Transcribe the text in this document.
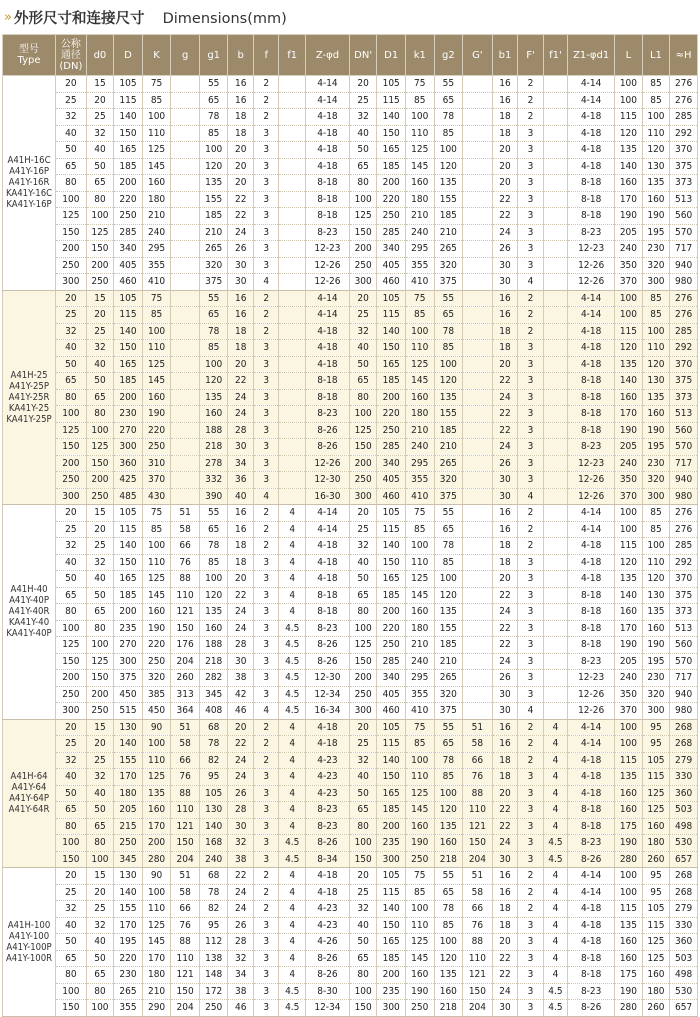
» 外形尺寸和连接尺寸 Dimensions(mm)
型号
Type	公称
通径
(DN)	d0	D	K	g	g1	b	f	f1	Z-φd	DN'	D1	k1	g2	G'	b1	F'	f1'	Z1-φd1	L	L1	≈H

A41H-16C
A41Y-16P
A41Y-16R
KA41Y-16C
KA41Y-16P	20	15	105	75		55	16	2		4-14	20	105	75	55		16	2		4-14	100	85	276
	25	20	115	85		65	16	2		4-14	25	115	85	65		16	2		4-14	100	85	276
	32	25	140	100		78	18	2		4-18	32	140	100	78		18	2		4-18	115	100	285
	40	32	150	110		85	18	3		4-18	40	150	110	85		18	3		4-18	120	110	292
	50	40	165	125		100	20	3		4-18	50	165	125	100		20	3		4-18	135	120	370
	65	50	185	145		120	20	3		4-18	65	185	145	120		20	3		4-18	140	130	375
	80	65	200	160		135	20	3		8-18	80	200	160	135		20	3		8-18	160	135	373
	100	80	220	180		155	22	3		8-18	100	220	180	155		22	3		8-18	170	160	513
	125	100	250	210		185	22	3		8-18	125	250	210	185		22	3		8-18	190	190	560
	150	125	285	240		210	24	3		8-23	150	285	240	210		24	3		8-23	205	195	570
	200	150	340	295		265	26	3		12-23	200	340	295	265		26	3		12-23	240	230	717
	250	200	405	355		320	30	3		12-26	250	405	355	320		30	3		12-26	350	320	940
	300	250	460	410		375	30	4		12-26	300	460	410	375		30	4		12-26	370	300	980

A41H-25
A41Y-25P
A41Y-25R
KA41Y-25
KA41Y-25P	20	15	105	75		55	16	2		4-14	20	105	75	55		16	2		4-14	100	85	276
	25	20	115	85		65	16	2		4-14	25	115	85	65		16	2		4-14	100	85	276
	32	25	140	100		78	18	2		4-18	32	140	100	78		18	2		4-18	115	100	285
	40	32	150	110		85	18	3		4-18	40	150	110	85		18	3		4-18	120	110	292
	50	40	165	125		100	20	3		4-18	50	165	125	100		20	3		4-18	135	120	370
	65	50	185	145		120	22	3		8-18	65	185	145	120		22	3		8-18	140	130	375
	80	65	200	160		135	24	3		8-18	80	200	160	135		24	3		8-18	160	135	373
	100	80	230	190		160	24	3		8-23	100	220	180	155		22	3		8-18	170	160	513
	125	100	270	220		188	28	3		8-26	125	250	210	185		22	3		8-18	190	190	560
	150	125	300	250		218	30	3		8-26	150	285	240	210		24	3		8-23	205	195	570
	200	150	360	310		278	34	3		12-26	200	340	295	265		26	3		12-23	240	230	717
	250	200	425	370		332	36	3		12-30	250	405	355	320		30	3		12-26	350	320	940
	300	250	485	430		390	40	4		16-30	300	460	410	375		30	4		12-26	370	300	980

A41H-40
A41Y-40P
A41Y-40R
KA41Y-40
KA41Y-40P	20	15	105	75	51	55	16	2	4	4-14	20	105	75	55		16	2		4-14	100	85	276
	25	20	115	85	58	65	16	2	4	4-14	25	115	85	65		16	2		4-14	100	85	276
	32	25	140	100	66	78	18	2	4	4-18	32	140	100	78		18	2		4-18	115	100	285
	40	32	150	110	76	85	18	3	4	4-18	40	150	110	85		18	3		4-18	120	110	292
	50	40	165	125	88	100	20	3	4	4-18	50	165	125	100		20	3		4-18	135	120	370
	65	50	185	145	110	120	22	3	4	8-18	65	185	145	120		22	3		8-18	140	130	375
	80	65	200	160	121	135	24	3	4	8-18	80	200	160	135		24	3		8-18	160	135	373
	100	80	235	190	150	160	24	3	4.5	8-23	100	220	180	155		22	3		8-18	170	160	513
	125	100	270	220	176	188	28	3	4.5	8-26	125	250	210	185		22	3		8-18	190	190	560
	150	125	300	250	204	218	30	3	4.5	8-26	150	285	240	210		24	3		8-23	205	195	570
	200	150	375	320	260	282	38	3	4.5	12-30	200	340	295	265		26	3		12-23	240	230	717
	250	200	450	385	313	345	42	3	4.5	12-34	250	405	355	320		30	3		12-26	350	320	940
	300	250	515	450	364	408	46	4	4.5	16-34	300	460	410	375		30	4		12-26	370	300	980

A41H-64
A41Y-64
A41Y-64P
A41Y-64R	20	15	130	90	51	68	20	2	4	4-18	20	105	75	55	51	16	2	4	4-14	100	95	268
	25	20	140	100	58	78	22	2	4	4-18	25	115	85	65	58	16	2	4	4-14	100	95	268
	32	25	155	110	66	82	24	2	4	4-23	32	140	100	78	66	18	2	4	4-18	115	105	279
	40	32	170	125	76	95	24	3	4	4-23	40	150	110	85	76	18	3	4	4-18	135	115	330
	50	40	180	135	88	105	26	3	4	4-23	50	165	125	100	88	20	3	4	4-18	160	125	360
	65	50	205	160	110	130	28	3	4	8-23	65	185	145	120	110	22	3	4	8-18	160	125	503
	80	65	215	170	121	140	30	3	4	8-23	80	200	160	135	121	22	3	4	8-18	175	160	498
	100	80	250	200	150	168	32	3	4.5	8-26	100	235	190	160	150	24	3	4.5	8-23	190	180	530
	150	100	345	280	204	240	38	3	4.5	8-34	150	300	250	218	204	30	3	4.5	8-26	280	260	657

A41H-100
A41Y-100
A41Y-100P
A41Y-100R	20	15	130	90	51	68	22	2	4	4-18	20	105	75	55	51	16	2	4	4-14	100	95	268
	25	20	140	100	58	78	24	2	4	4-18	25	115	85	65	58	16	2	4	4-14	100	95	268
	32	25	155	110	66	82	24	2	4	4-23	32	140	100	78	66	18	2	4	4-18	115	105	279
	40	32	170	125	76	95	26	3	4	4-23	40	150	110	85	76	18	3	4	4-18	135	115	330
	50	40	195	145	88	112	28	3	4	4-26	50	165	125	100	88	20	3	4	4-18	160	125	360
	65	50	220	170	110	138	32	3	4	8-26	65	185	145	120	110	22	3	4	8-18	160	125	503
	80	65	230	180	121	148	34	3	4	8-26	80	200	160	135	121	22	3	4	8-18	175	160	498
	100	80	265	210	150	172	38	3	4.5	8-30	100	235	190	160	150	24	3	4.5	8-23	190	180	530
	150	100	355	290	204	250	46	3	4.5	12-34	150	300	250	218	204	30	3	4.5	8-26	280	260	657
